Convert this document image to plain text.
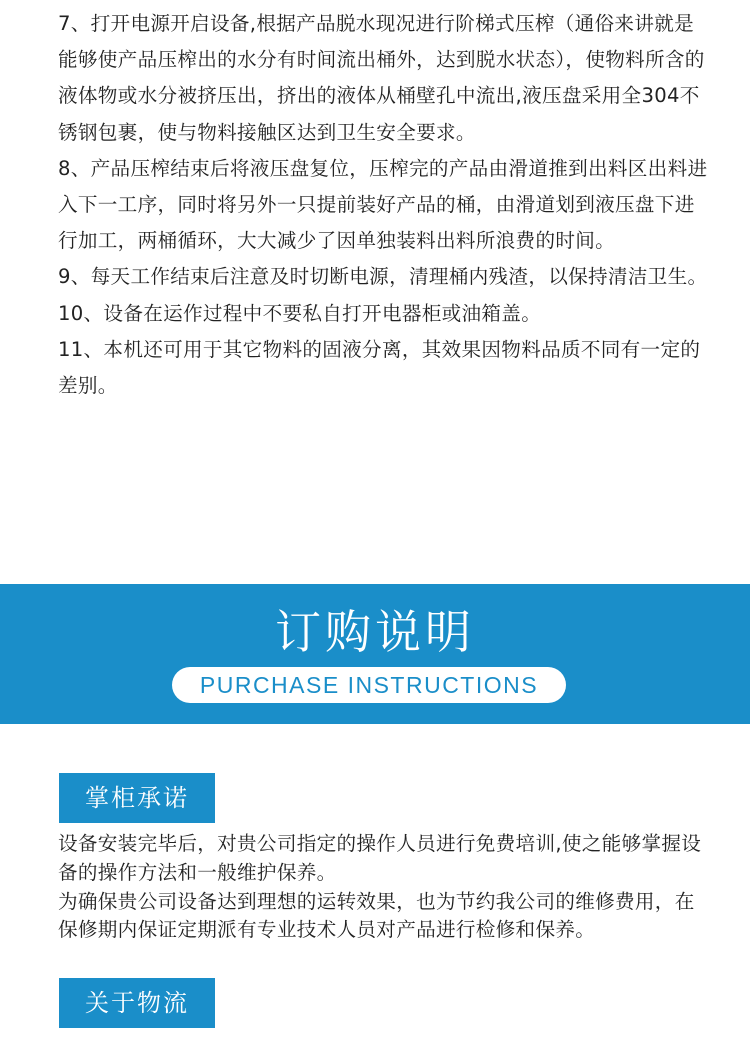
7、打开电源开启设备,根据产品脱水现况进行阶梯式压榨（通俗来讲就是能够使产品压榨出的水分有时间流出桶外，达到脱水状态），使物料所含的液体物或水分被挤压出，挤出的液体从桶壁孔中流出,液压盘采用全304不锈钢包裹，使与物料接触区达到卫生安全要求。

8、产品压榨结束后将液压盘复位，压榨完的产品由滑道推到出料区出料进入下一工序，同时将另外一只提前装好产品的桶，由滑道划到液压盘下进行加工，两桶循环，大大减少了因单独装料出料所浪费的时间。

9、每天工作结束后注意及时切断电源，清理桶内残渣，以保持清洁卫生。

10、设备在运作过程中不要私自打开电器柜或油箱盖。

11、本机还可用于其它物料的固液分离，其效果因物料品质不同有一定的差别。

订购说明
PURCHASE INSTRUCTIONS
掌柜承诺

设备安装完毕后，对贵公司指定的操作人员进行免费培训,使之能够掌握设备的操作方法和一般维护保养。

为确保贵公司设备达到理想的运转效果，也为节约我公司的维修费用，在保修期内保证定期派有专业技术人员对产品进行检修和保养。

关于物流
